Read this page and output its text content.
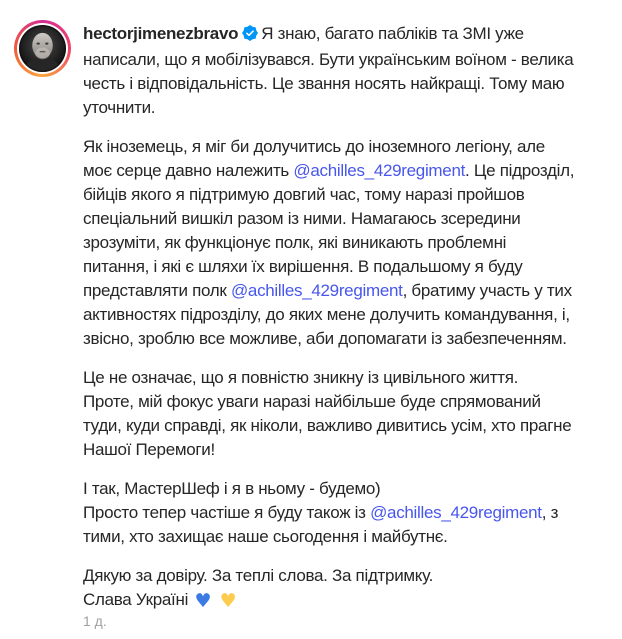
hectorjimenezbravo Я знаю, багато пабліків та ЗМІ уже
написали, що я мобілізувався. Бути українським воїном - велика
честь і відповідальність. Це звання носять найкращі. Тому маю
уточнити.

Як іноземець, я міг би долучитись до іноземного легіону, але
моє серце давно належить @achilles_429regiment. Це підрозділ,
бійців якого я підтримую довгий час, тому наразі пройшов
спеціальний вишкіл разом із ними. Намагаюсь зсередини
зрозуміти, як функціонує полк, які виникають проблемні
питання, і які є шляхи їх вирішення. В подальшому я буду
представляти полк @achilles_429regiment, братиму участь у тих
активностях підрозділу, до яких мене долучить командування, і,
звісно, зроблю все можливе, аби допомагати із забезпеченням.

Це не означає, що я повністю зникну із цивільного життя.
Проте, мій фокус уваги наразі найбільше буде спрямований
туди, куди справді, як ніколи, важливо дивитись усім, хто прагне
Нашої Перемоги!

І так, МастерШеф і я в ньому - будемо)
Просто тепер частіше я буду також із @achilles_429regiment, з
тими, хто захищає наше сьогодення і майбутнє.

Дякую за довіру. За теплі слова. За підтримку.
Слава Україні ♥ ♥

1 д.
